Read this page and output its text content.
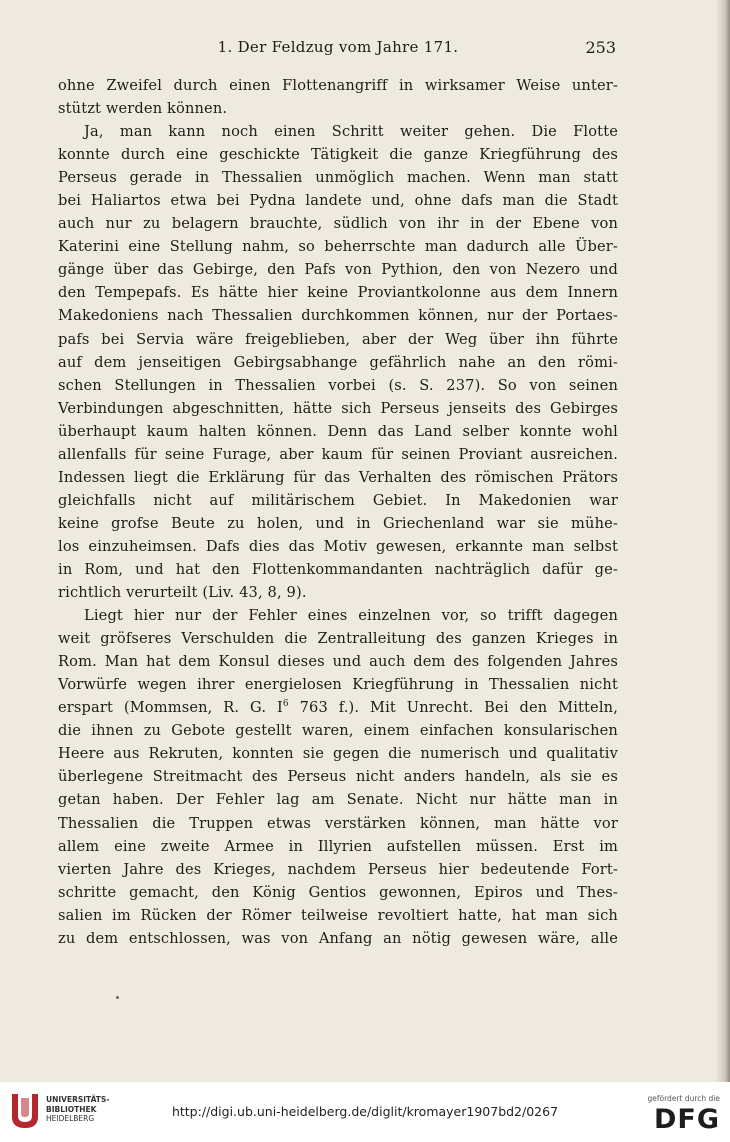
1. Der Feldzug vom Jahre 171.	253
ohne Zweifel durch einen Flottenangriff in wirksamer Weise unter-
stützt werden können.
Ja, man kann noch einen Schritt weiter gehen. Die Flotte
konnte durch eine geschickte Tätigkeit die ganze Kriegführung des
Perseus gerade in Thessalien unmöglich machen. Wenn man statt
bei Haliartos etwa bei Pydna landete und, ohne dafs man die Stadt
auch nur zu belagern brauchte, südlich von ihr in der Ebene von
Katerini eine Stellung nahm, so beherrschte man dadurch alle Über-
gänge über das Gebirge, den Pafs von Pythion, den von Nezero und
den Tempepafs. Es hätte hier keine Proviantkolonne aus dem Innern
Makedoniens nach Thessalien durchkommen können, nur der Portaes-
pafs bei Servia wäre freigeblieben, aber der Weg über ihn führte
auf dem jenseitigen Gebirgsabhange gefährlich nahe an den römi-
schen Stellungen in Thessalien vorbei (s. S. 237). So von seinen
Verbindungen abgeschnitten, hätte sich Perseus jenseits des Gebirges
überhaupt kaum halten können. Denn das Land selber konnte wohl
allenfalls für seine Furage, aber kaum für seinen Proviant ausreichen.
Indessen liegt die Erklärung für das Verhalten des römischen Prätors
gleichfalls nicht auf militärischem Gebiet. In Makedonien war
keine grofse Beute zu holen, und in Griechenland war sie mühe-
los einzuheimsen. Dafs dies das Motiv gewesen, erkannte man selbst
in Rom, und hat den Flottenkommandanten nachträglich dafür ge-
richtlich verurteilt (Liv. 43, 8, 9).
Liegt hier nur der Fehler eines einzelnen vor, so trifft dagegen
weit gröfseres Verschulden die Zentralleitung des ganzen Krieges in
Rom. Man hat dem Konsul dieses und auch dem des folgenden Jahres
Vorwürfe wegen ihrer energielosen Kriegführung in Thessalien nicht
erspart (Mommsen, R. G. $I^6$ 763 f.). Mit Unrecht. Bei den Mitteln,
die ihnen zu Gebote gestellt waren, einem einfachen konsularischen
Heere aus Rekruten, konnten sie gegen die numerisch und qualitativ
überlegene Streitmacht des Perseus nicht anders handeln, als sie es
getan haben. Der Fehler lag am Senate. Nicht nur hätte man in
Thessalien die Truppen etwas verstärken können, man hätte vor
allem eine zweite Armee in Illyrien aufstellen müssen. Erst im
vierten Jahre des Krieges, nachdem Perseus hier bedeutende Fort-
schritte gemacht, den König Gentios gewonnen, Epiros und Thes-
salien im Rücken der Römer teilweise revoltiert hatte, hat man sich
zu dem entschlossen, was von Anfang an nötig gewesen wäre, alle
UNIVERSITÄTS-
BIBLIOTHEK
HEIDELBERG	http://digi.ub.uni-heidelberg.de/diglit/kromayer1907bd2/0267
gefördert durch die
DFG
